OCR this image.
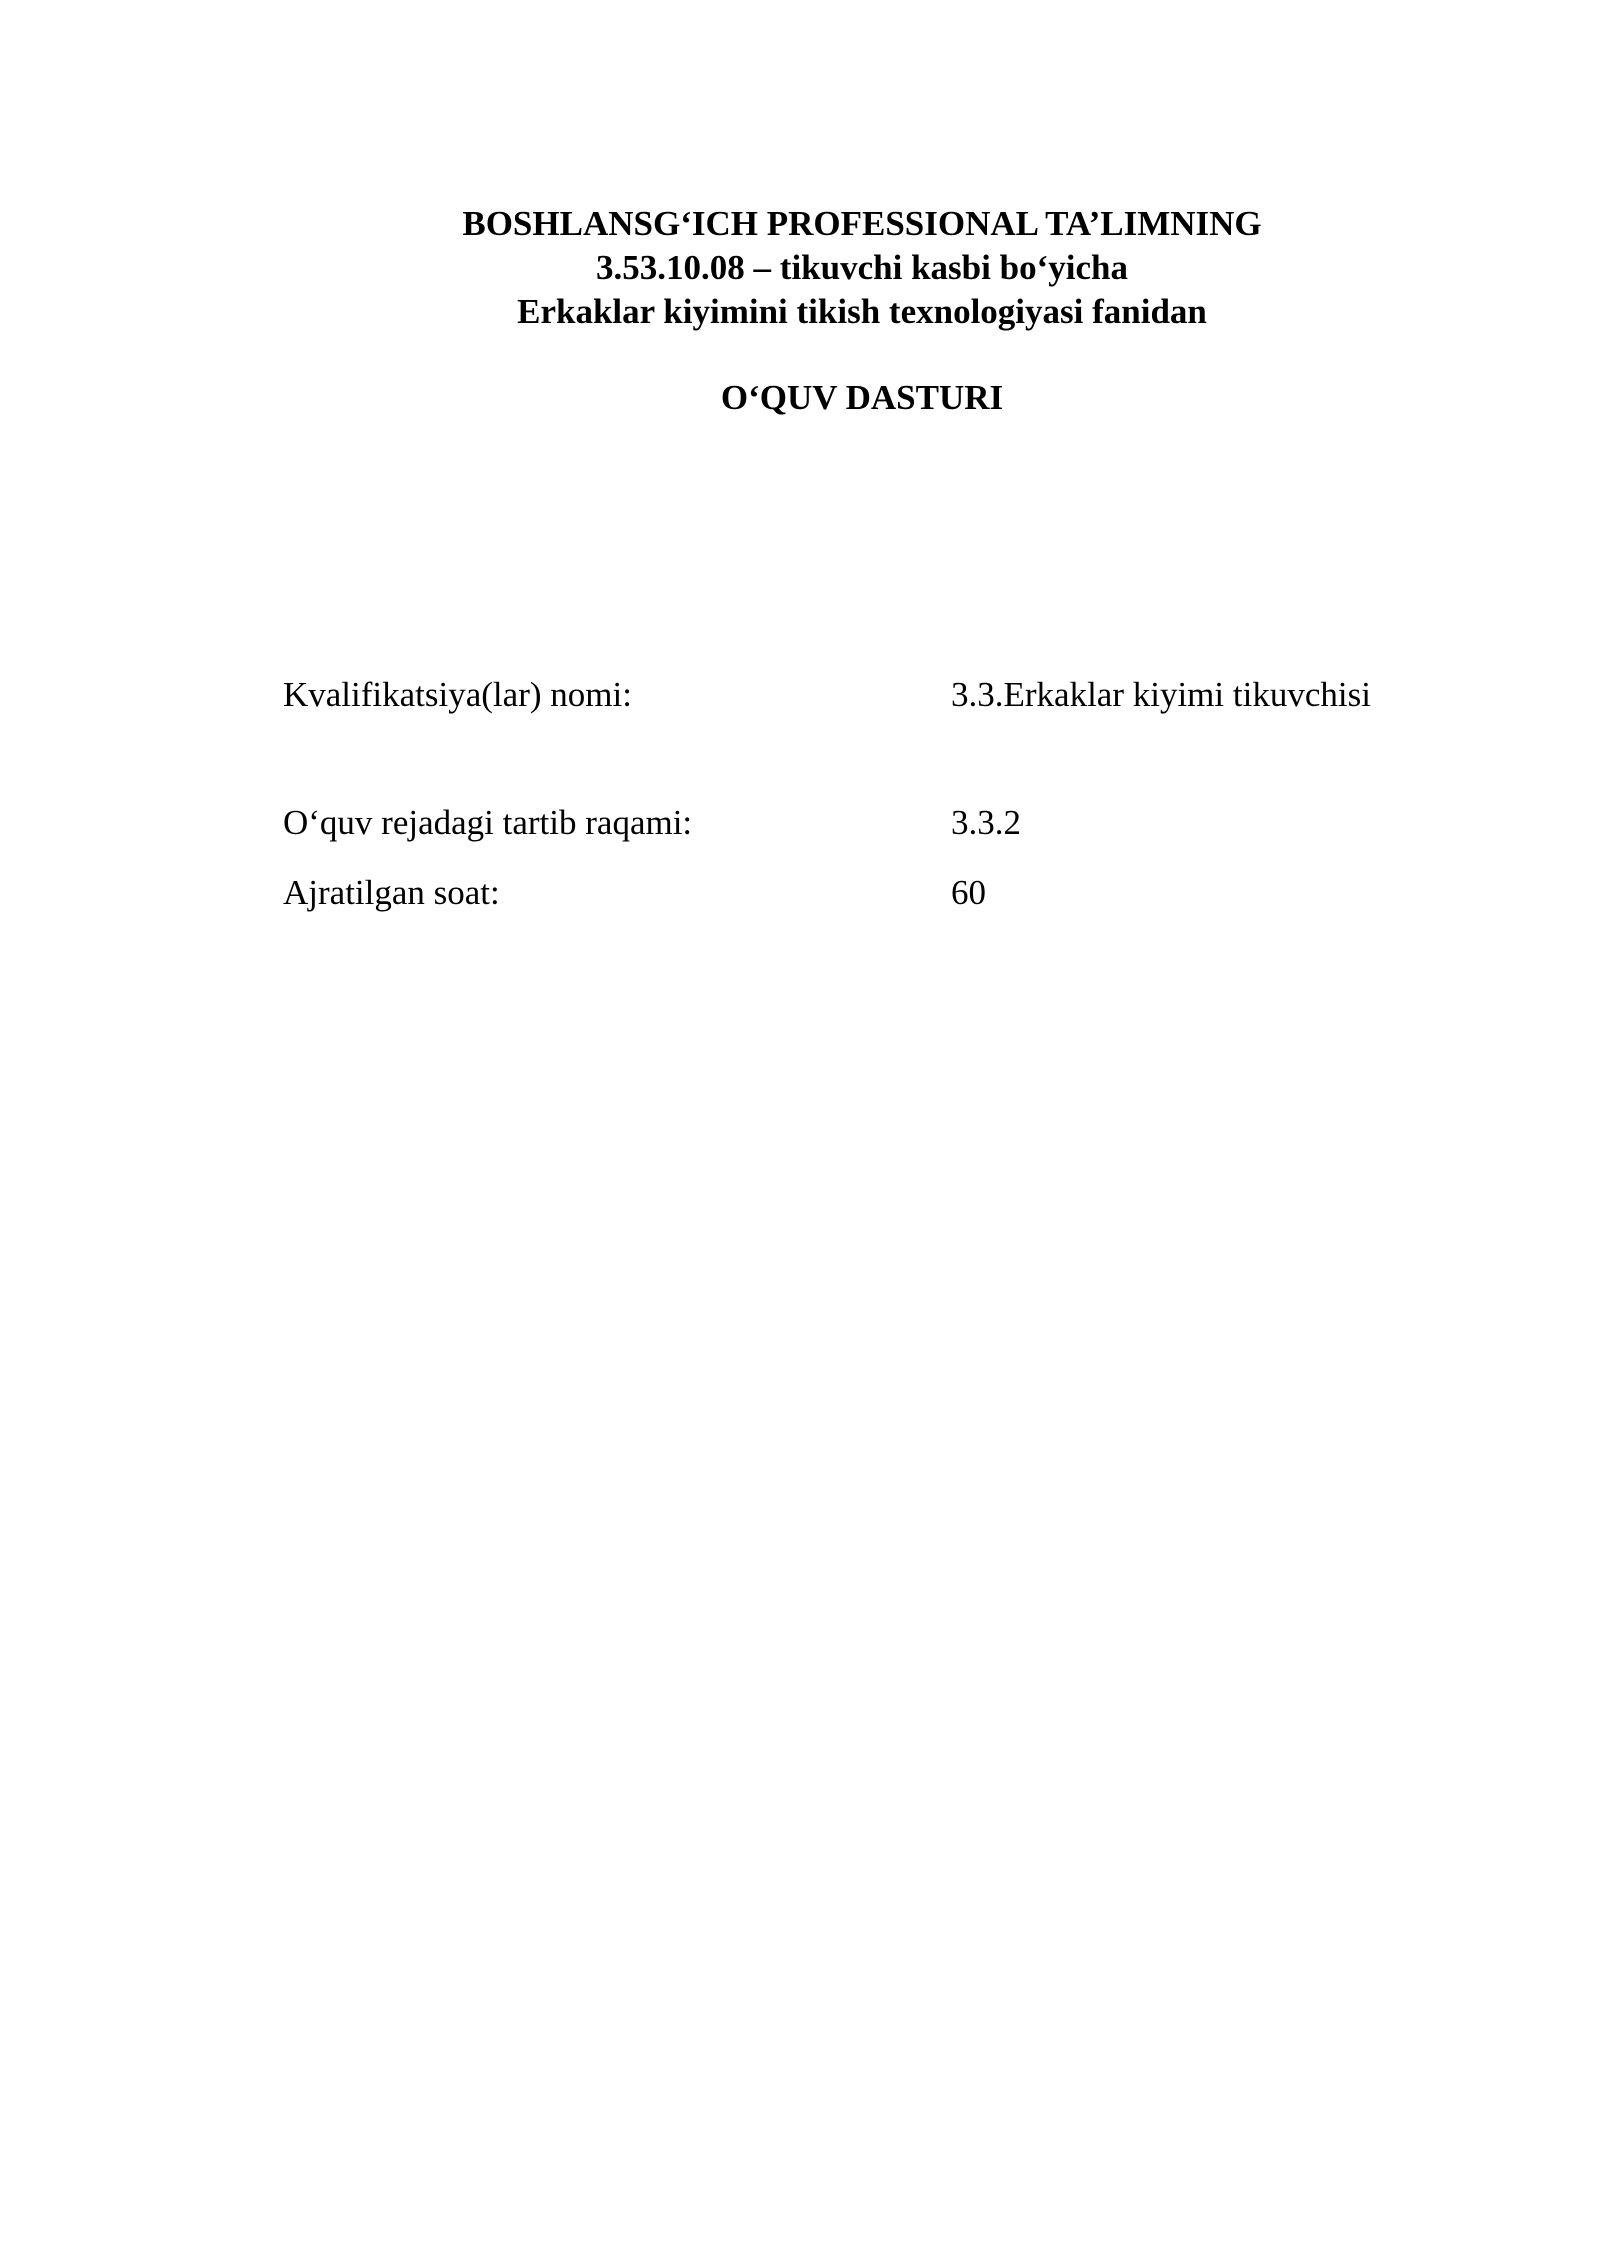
BOSHLANSG‘ICH PROFESSIONAL TA’LIMNING
3.53.10.08 – tikuvchi kasbi bo‘yicha
Erkaklar kiyimini tikish texnologiyasi fanidan
O‘QUV DASTURI
Kvalifikatsiya(lar) nomi:	3.3.Erkaklar kiyimi tikuvchisi
O‘quv rejadagi tartib raqami:	3.3.2
Ajratilgan soat:	60
